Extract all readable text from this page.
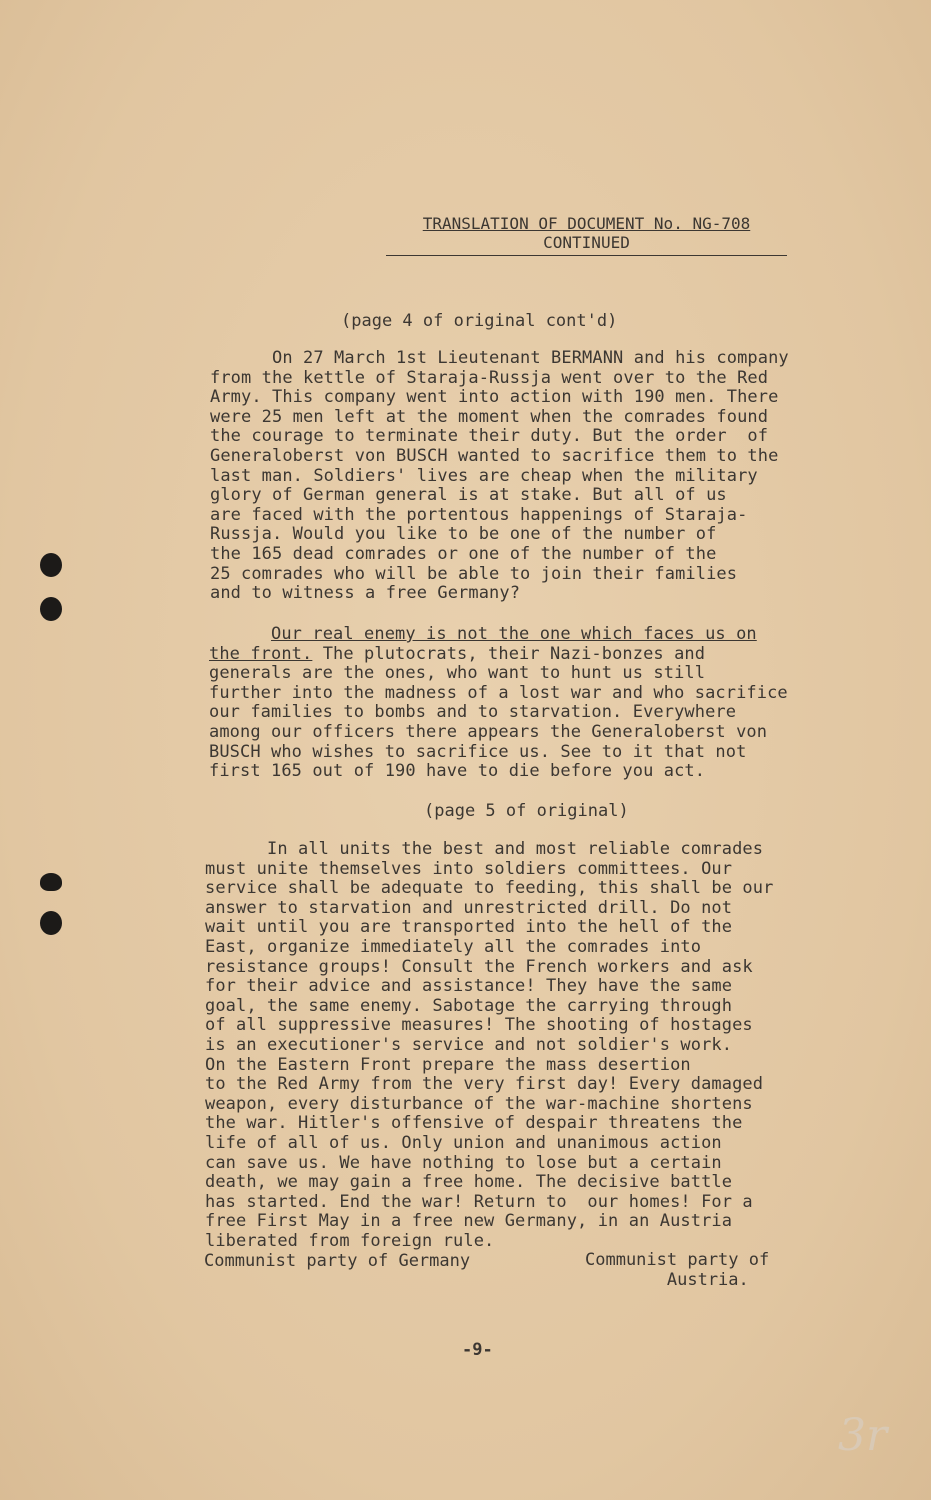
TRANSLATION OF DOCUMENT No. NG-708
CONTINUED
(page 4 of original cont'd)
On 27 March 1st Lieutenant BERMANN and his company
from the kettle of Staraja-Russja went over to the Red
Army. This company went into action with 190 men. There
were 25 men left at the moment when the comrades found
the courage to terminate their duty. But the order  of
Generaloberst von BUSCH wanted to sacrifice them to the
last man. Soldiers' lives are cheap when the military
glory of German general is at stake. But all of us
are faced with the portentous happenings of Staraja-
Russja. Would you like to be one of the number of
the 165 dead comrades or one of the number of the
25 comrades who will be able to join their families
and to witness a free Germany?
Our real enemy is not the one which faces us on
the front. The plutocrats, their Nazi-bonzes and
generals are the ones, who want to hunt us still
further into the madness of a lost war and who sacrifice
our families to bombs and to starvation. Everywhere
among our officers there appears the Generaloberst von
BUSCH who wishes to sacrifice us. See to it that not
first 165 out of 190 have to die before you act.
(page 5 of original)
In all units the best and most reliable comrades
must unite themselves into soldiers committees. Our
service shall be adequate to feeding, this shall be our
answer to starvation and unrestricted drill. Do not
wait until you are transported into the hell of the
East, organize immediately all the comrades into
resistance groups! Consult the French workers and ask
for their advice and assistance! They have the same
goal, the same enemy. Sabotage the carrying through
of all suppressive measures! The shooting of hostages
is an executioner's service and not soldier's work.
On the Eastern Front prepare the mass desertion
to the Red Army from the very first day! Every damaged
weapon, every disturbance of the war-machine shortens
the war. Hitler's offensive of despair threatens the
life of all of us. Only union and unanimous action
can save us. We have nothing to lose but a certain
death, we may gain a free home. The decisive battle
has started. End the war! Return to  our homes! For a
free First May in a free new Germany, in an Austria
liberated from foreign rule.
Communist party of Germany	Communist party of
Austria.
-9-
3r
